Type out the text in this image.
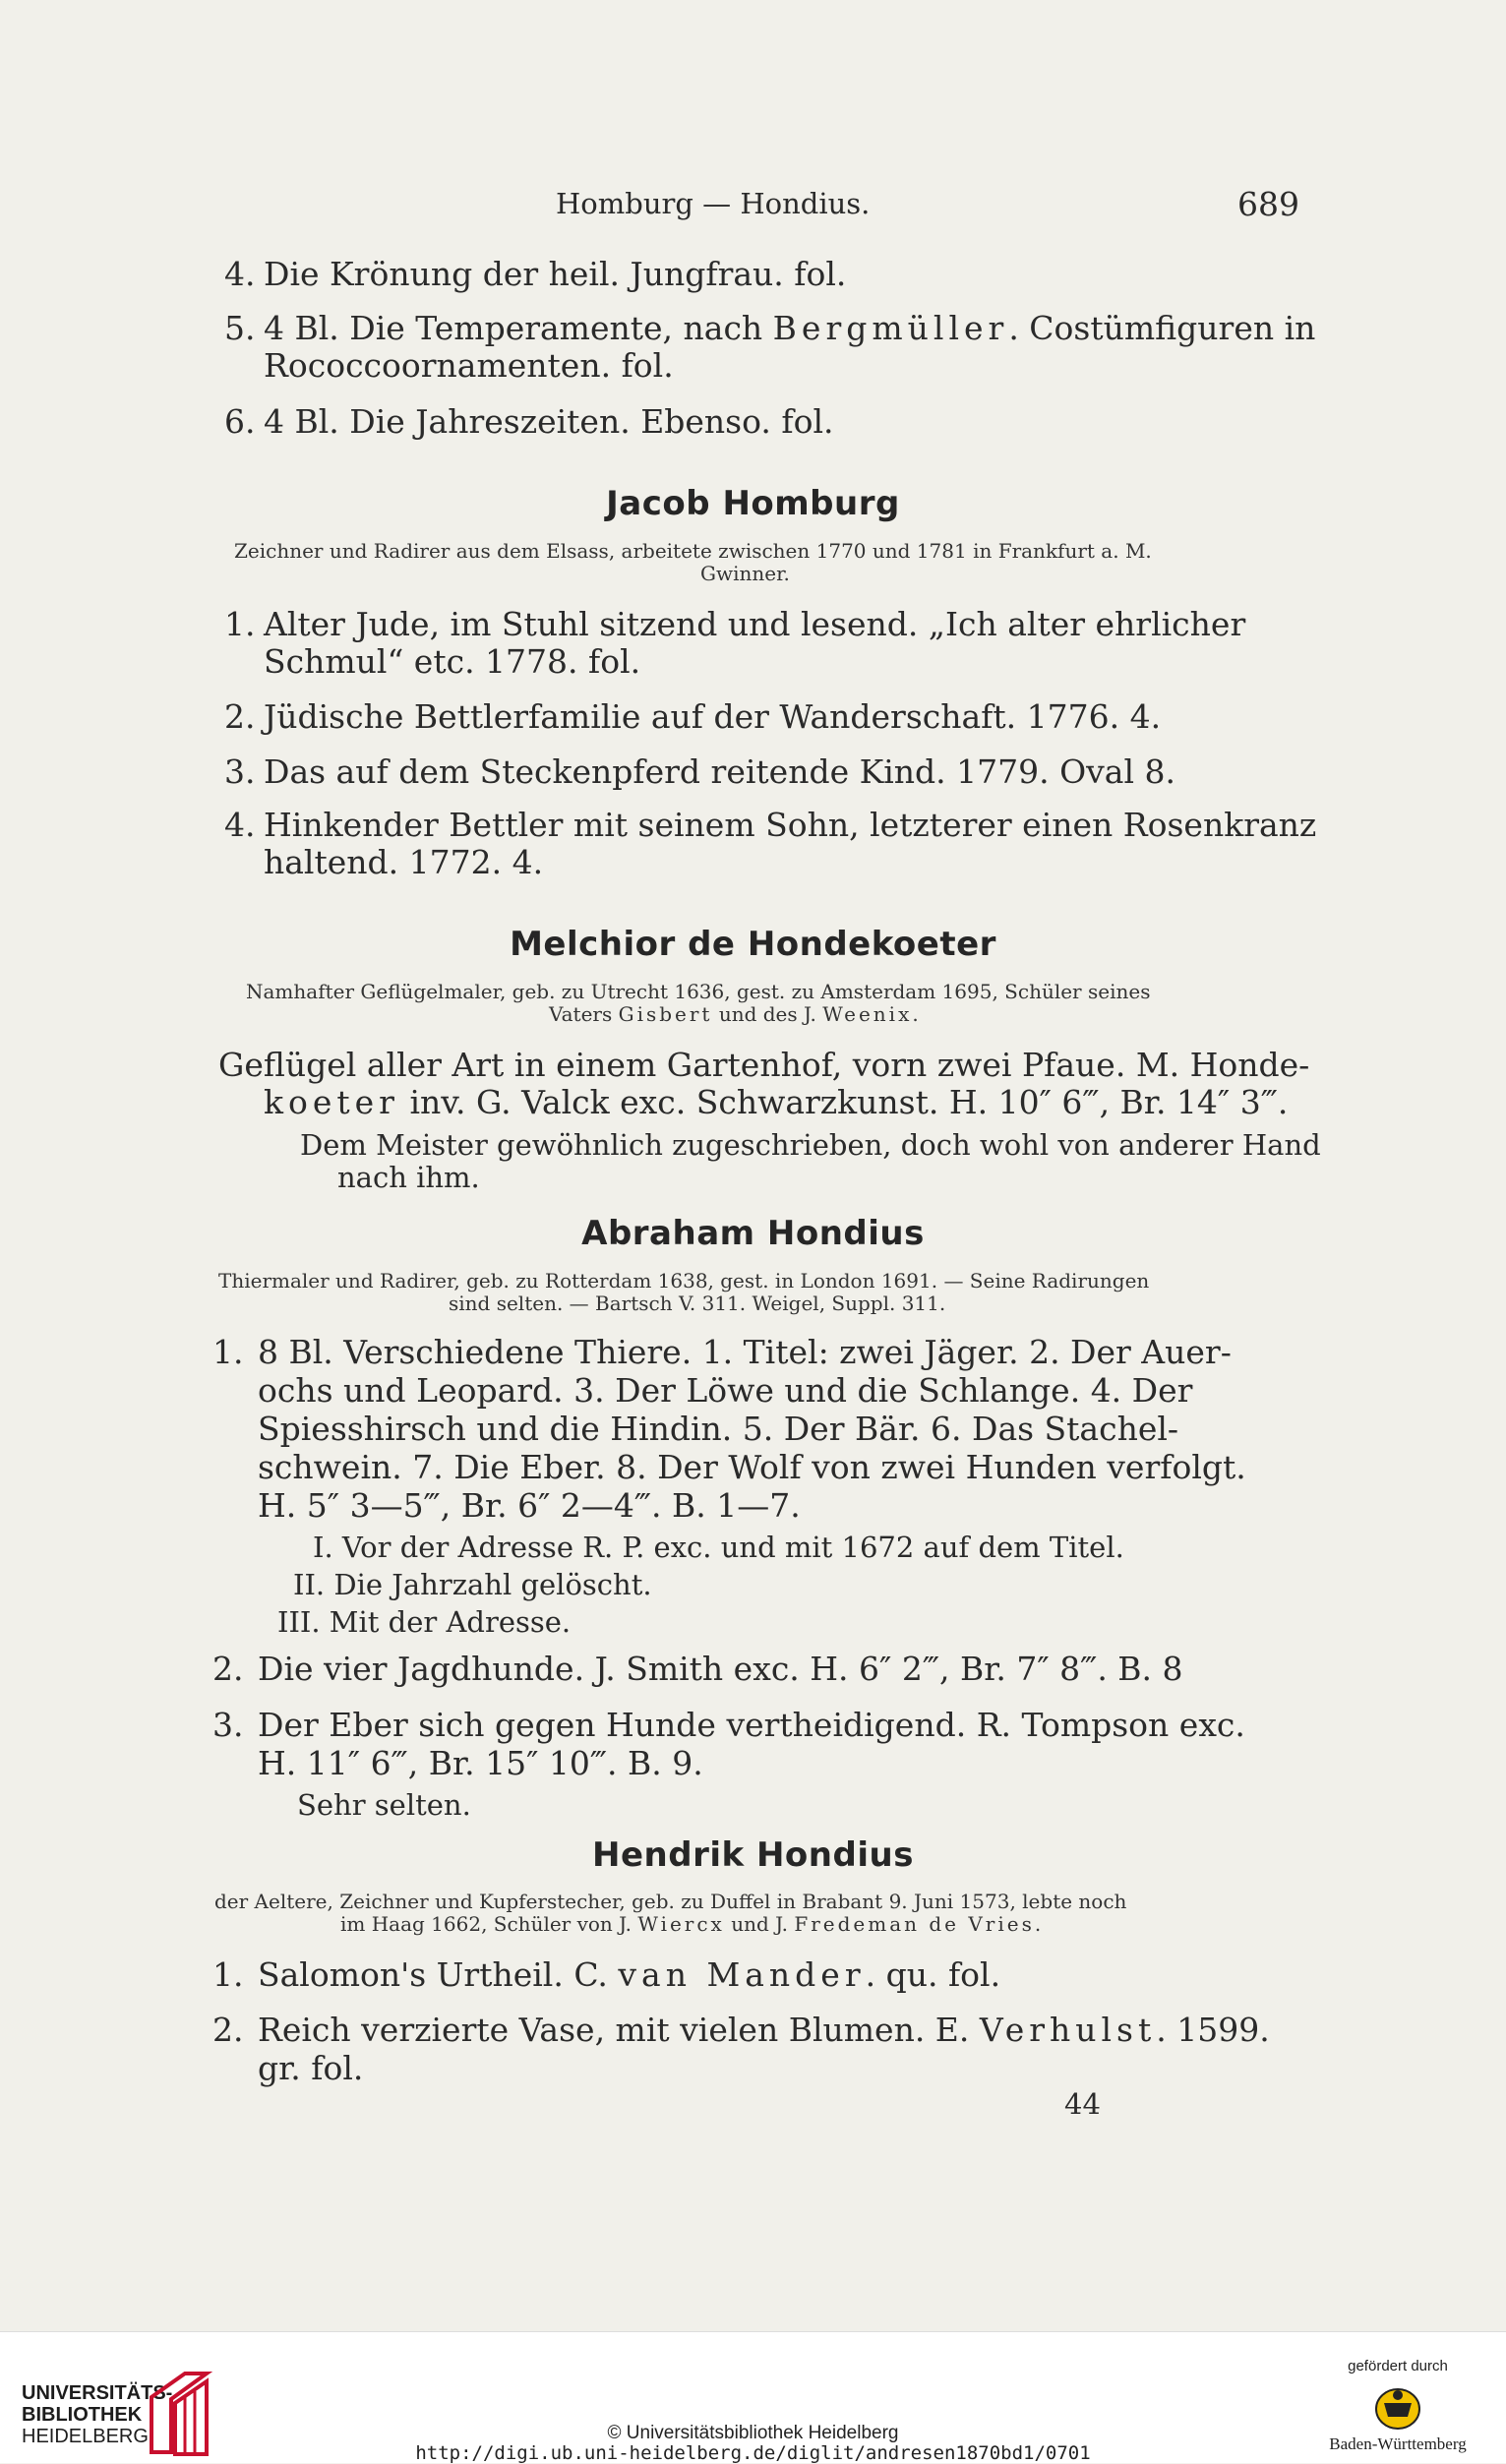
Homburg — Hondius.	689
4. Die Krönung der heil. Jungfrau. fol.
5. 4 Bl. Die Temperamente, nach Bergmüller. Costümfiguren in
Rococcoornamenten. fol.
6. 4 Bl. Die Jahreszeiten. Ebenso. fol.
Jacob Homburg
Zeichner und Radirer aus dem Elsass, arbeitete zwischen 1770 und 1781 in Frankfurt a. M.
Gwinner.
1. Alter Jude, im Stuhl sitzend und lesend. „Ich alter ehrlicher
Schmul“ etc. 1778. fol.
2. Jüdische Bettlerfamilie auf der Wanderschaft. 1776. 4.
3. Das auf dem Steckenpferd reitende Kind. 1779. Oval 8.
4. Hinkender Bettler mit seinem Sohn, letzterer einen Rosenkranz
haltend. 1772. 4.
Melchior de Hondekoeter
Namhafter Geflügelmaler, geb. zu Utrecht 1636, gest. zu Amsterdam 1695, Schüler seines
Vaters Gisbert und des J. Weenix.
Geflügel aller Art in einem Gartenhof, vorn zwei Pfaue. M. Honde-
koeter inv. G. Valck exc. Schwarzkunst. H. 10″ 6‴, Br. 14″ 3‴.
Dem Meister gewöhnlich zugeschrieben, doch wohl von anderer Hand
nach ihm.
Abraham Hondius
Thiermaler und Radirer, geb. zu Rotterdam 1638, gest. in London 1691. — Seine Radirungen
sind selten. — Bartsch V. 311. Weigel, Suppl. 311.
1. 8 Bl. Verschiedene Thiere. 1. Titel: zwei Jäger. 2. Der Auer-
ochs und Leopard. 3. Der Löwe und die Schlange. 4. Der
Spiesshirsch und die Hindin. 5. Der Bär. 6. Das Stachel-
schwein. 7. Die Eber. 8. Der Wolf von zwei Hunden verfolgt.
H. 5″ 3—5‴, Br. 6″ 2—4‴. B. 1—7.
I. Vor der Adresse R. P. exc. und mit 1672 auf dem Titel.
II. Die Jahrzahl gelöscht.
III. Mit der Adresse.
2. Die vier Jagdhunde. J. Smith exc. H. 6″ 2‴, Br. 7″ 8‴. B. 8
3. Der Eber sich gegen Hunde vertheidigend. R. Tompson exc.
H. 11″ 6‴, Br. 15″ 10‴. B. 9.
Sehr selten.
Hendrik Hondius
der Aeltere, Zeichner und Kupferstecher, geb. zu Duffel in Brabant 9. Juni 1573, lebte noch
im Haag 1662, Schüler von J. Wiercx und J. Fredeman de Vries.
1. Salomon's Urtheil. C. van Mander. qu. fol.
2. Reich verzierte Vase, mit vielen Blumen. E. Verhulst. 1599.
gr. fol.
44
UNIVERSITÄTS-
BIBLIOTHEK
HEIDELBERG	© Universitätsbibliothek Heidelberg
http://digi.ub.uni-heidelberg.de/diglit/andresen1870bd1/0701
gefördert durch
Baden-Württemberg
